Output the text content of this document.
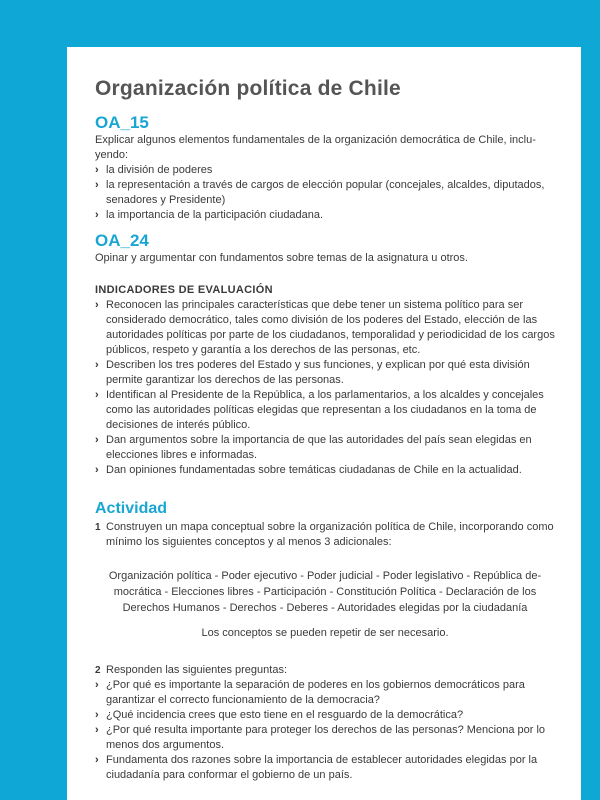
Organización política de Chile
OA_15

Explicar algunos elementos fundamentales de la organización democrática de Chile, inclu-yendo:

› la división de poderes
› la representación a través de cargos de elección popular (concejales, alcaldes, diputados, senadores y Presidente)
› la importancia de la participación ciudadana.
OA_24

Opinar y argumentar con fundamentos sobre temas de la asignatura u otros.

INDICADORES DE EVALUACIÓN
› Reconocen las principales características que debe tener un sistema político para ser considerado democrático, tales como división de los poderes del Estado, elección de las autoridades políticas por parte de los ciudadanos, temporalidad y periodicidad de los cargos públicos, respeto y garantía a los derechos de las personas, etc.
› Describen los tres poderes del Estado y sus funciones, y explican por qué esta división permite garantizar los derechos de las personas.
› Identifican al Presidente de la República, a los parlamentarios, a los alcaldes y concejales como las autoridades políticas elegidas que representan a los ciudadanos en la toma de decisiones de interés público.
› Dan argumentos sobre la importancia de que las autoridades del país sean elegidas en elecciones libres e informadas.
› Dan opiniones fundamentadas sobre temáticas ciudadanas de Chile en la actualidad.
Actividad
1 Construyen un mapa conceptual sobre la organización política de Chile, incorporando como mínimo los siguientes conceptos y al menos 3 adicionales:

Organización política - Poder ejecutivo - Poder judicial - Poder legislativo - República de-mocrática - Elecciones libres - Participación - Constitución Política - Declaración de los Derechos Humanos - Derechos - Deberes - Autoridades elegidas por la ciudadanía

Los conceptos se pueden repetir de ser necesario.

2 Responden las siguientes preguntas:
› ¿Por qué es importante la separación de poderes en los gobiernos democráticos para garantizar el correcto funcionamiento de la democracia?
› ¿Qué incidencia crees que esto tiene en el resguardo de la democrática?
› ¿Por qué resulta importante para proteger los derechos de las personas? Menciona por lo menos dos argumentos.
› Fundamenta dos razones sobre la importancia de establecer autoridades elegidas por la ciudadanía para conformar el gobierno de un país.
